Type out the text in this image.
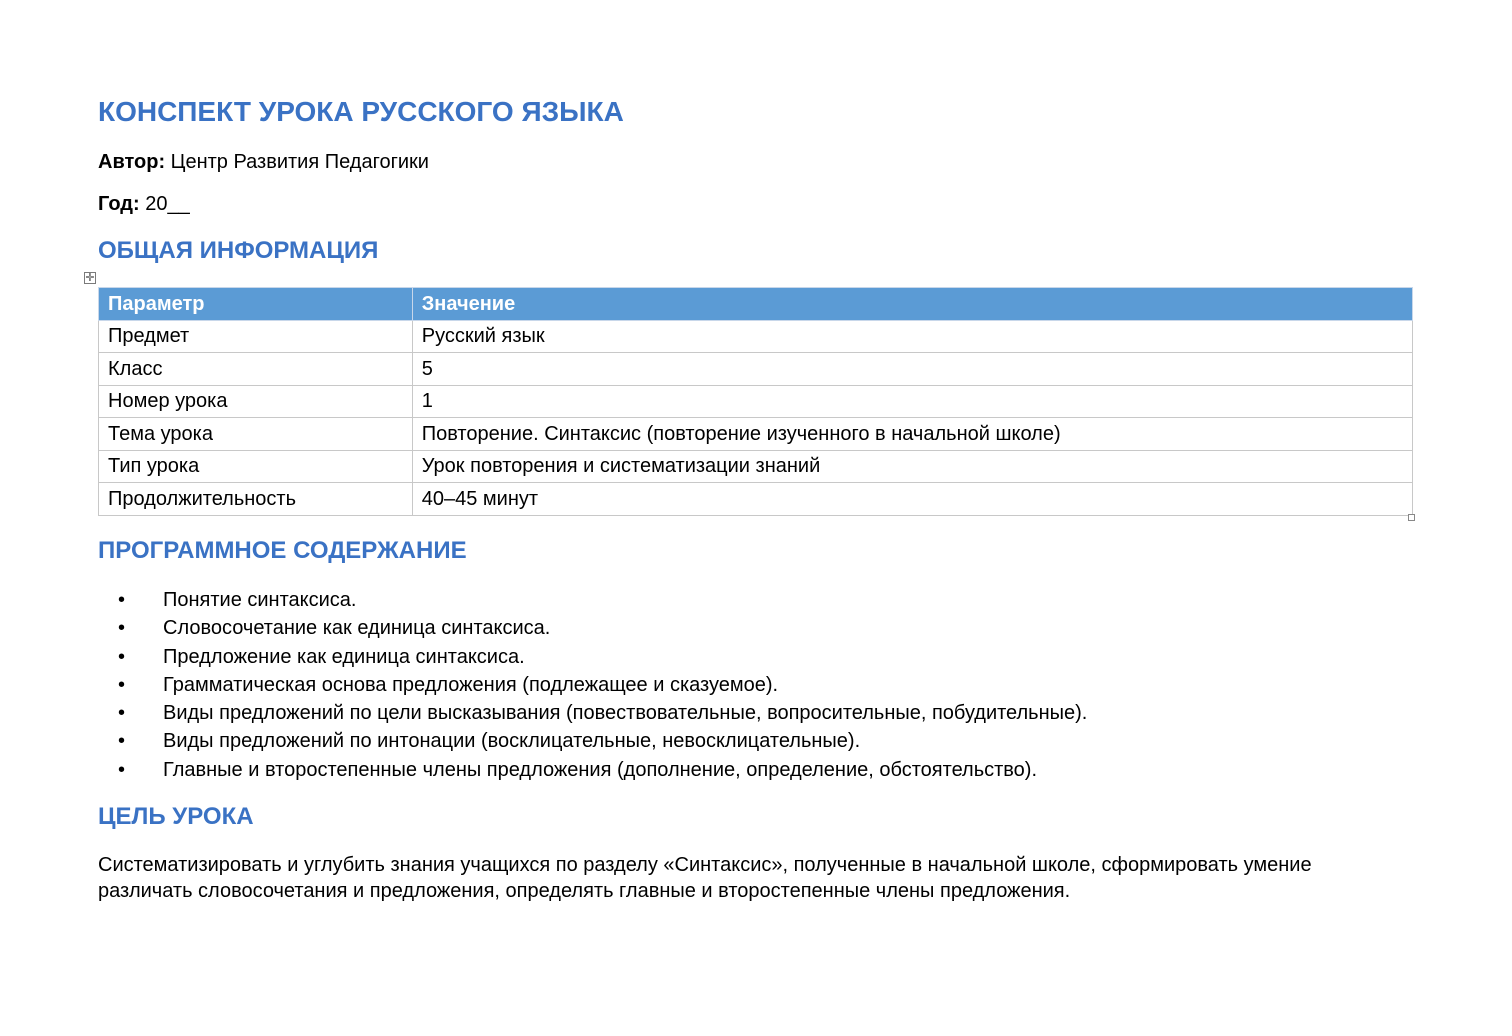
КОНСПЕКТ УРОКА РУССКОГО ЯЗЫКА
Автор: Центр Развития Педагогики
Год: 20__
ОБЩАЯ ИНФОРМАЦИЯ
✛
Параметр	Значение
Предмет	Русский язык
Класс	5
Номер урока	1
Тема урока	Повторение. Синтаксис (повторение изученного в начальной школе)
Тип урока	Урок повторения и систематизации знаний
Продолжительность	40–45 минут
ПРОГРАММНОЕ СОДЕРЖАНИЕ
• Понятие синтаксиса.
• Словосочетание как единица синтаксиса.
• Предложение как единица синтаксиса.
• Грамматическая основа предложения (подлежащее и сказуемое).
• Виды предложений по цели высказывания (повествовательные, вопросительные, побудительные).
• Виды предложений по интонации (восклицательные, невосклицательные).
• Главные и второстепенные члены предложения (дополнение, определение, обстоятельство).
ЦЕЛЬ УРОКА

Систематизировать и углубить знания учащихся по разделу «Синтаксис», полученные в начальной школе, сформировать умение различать словосочетания и предложения, определять главные и второстепенные члены предложения.
